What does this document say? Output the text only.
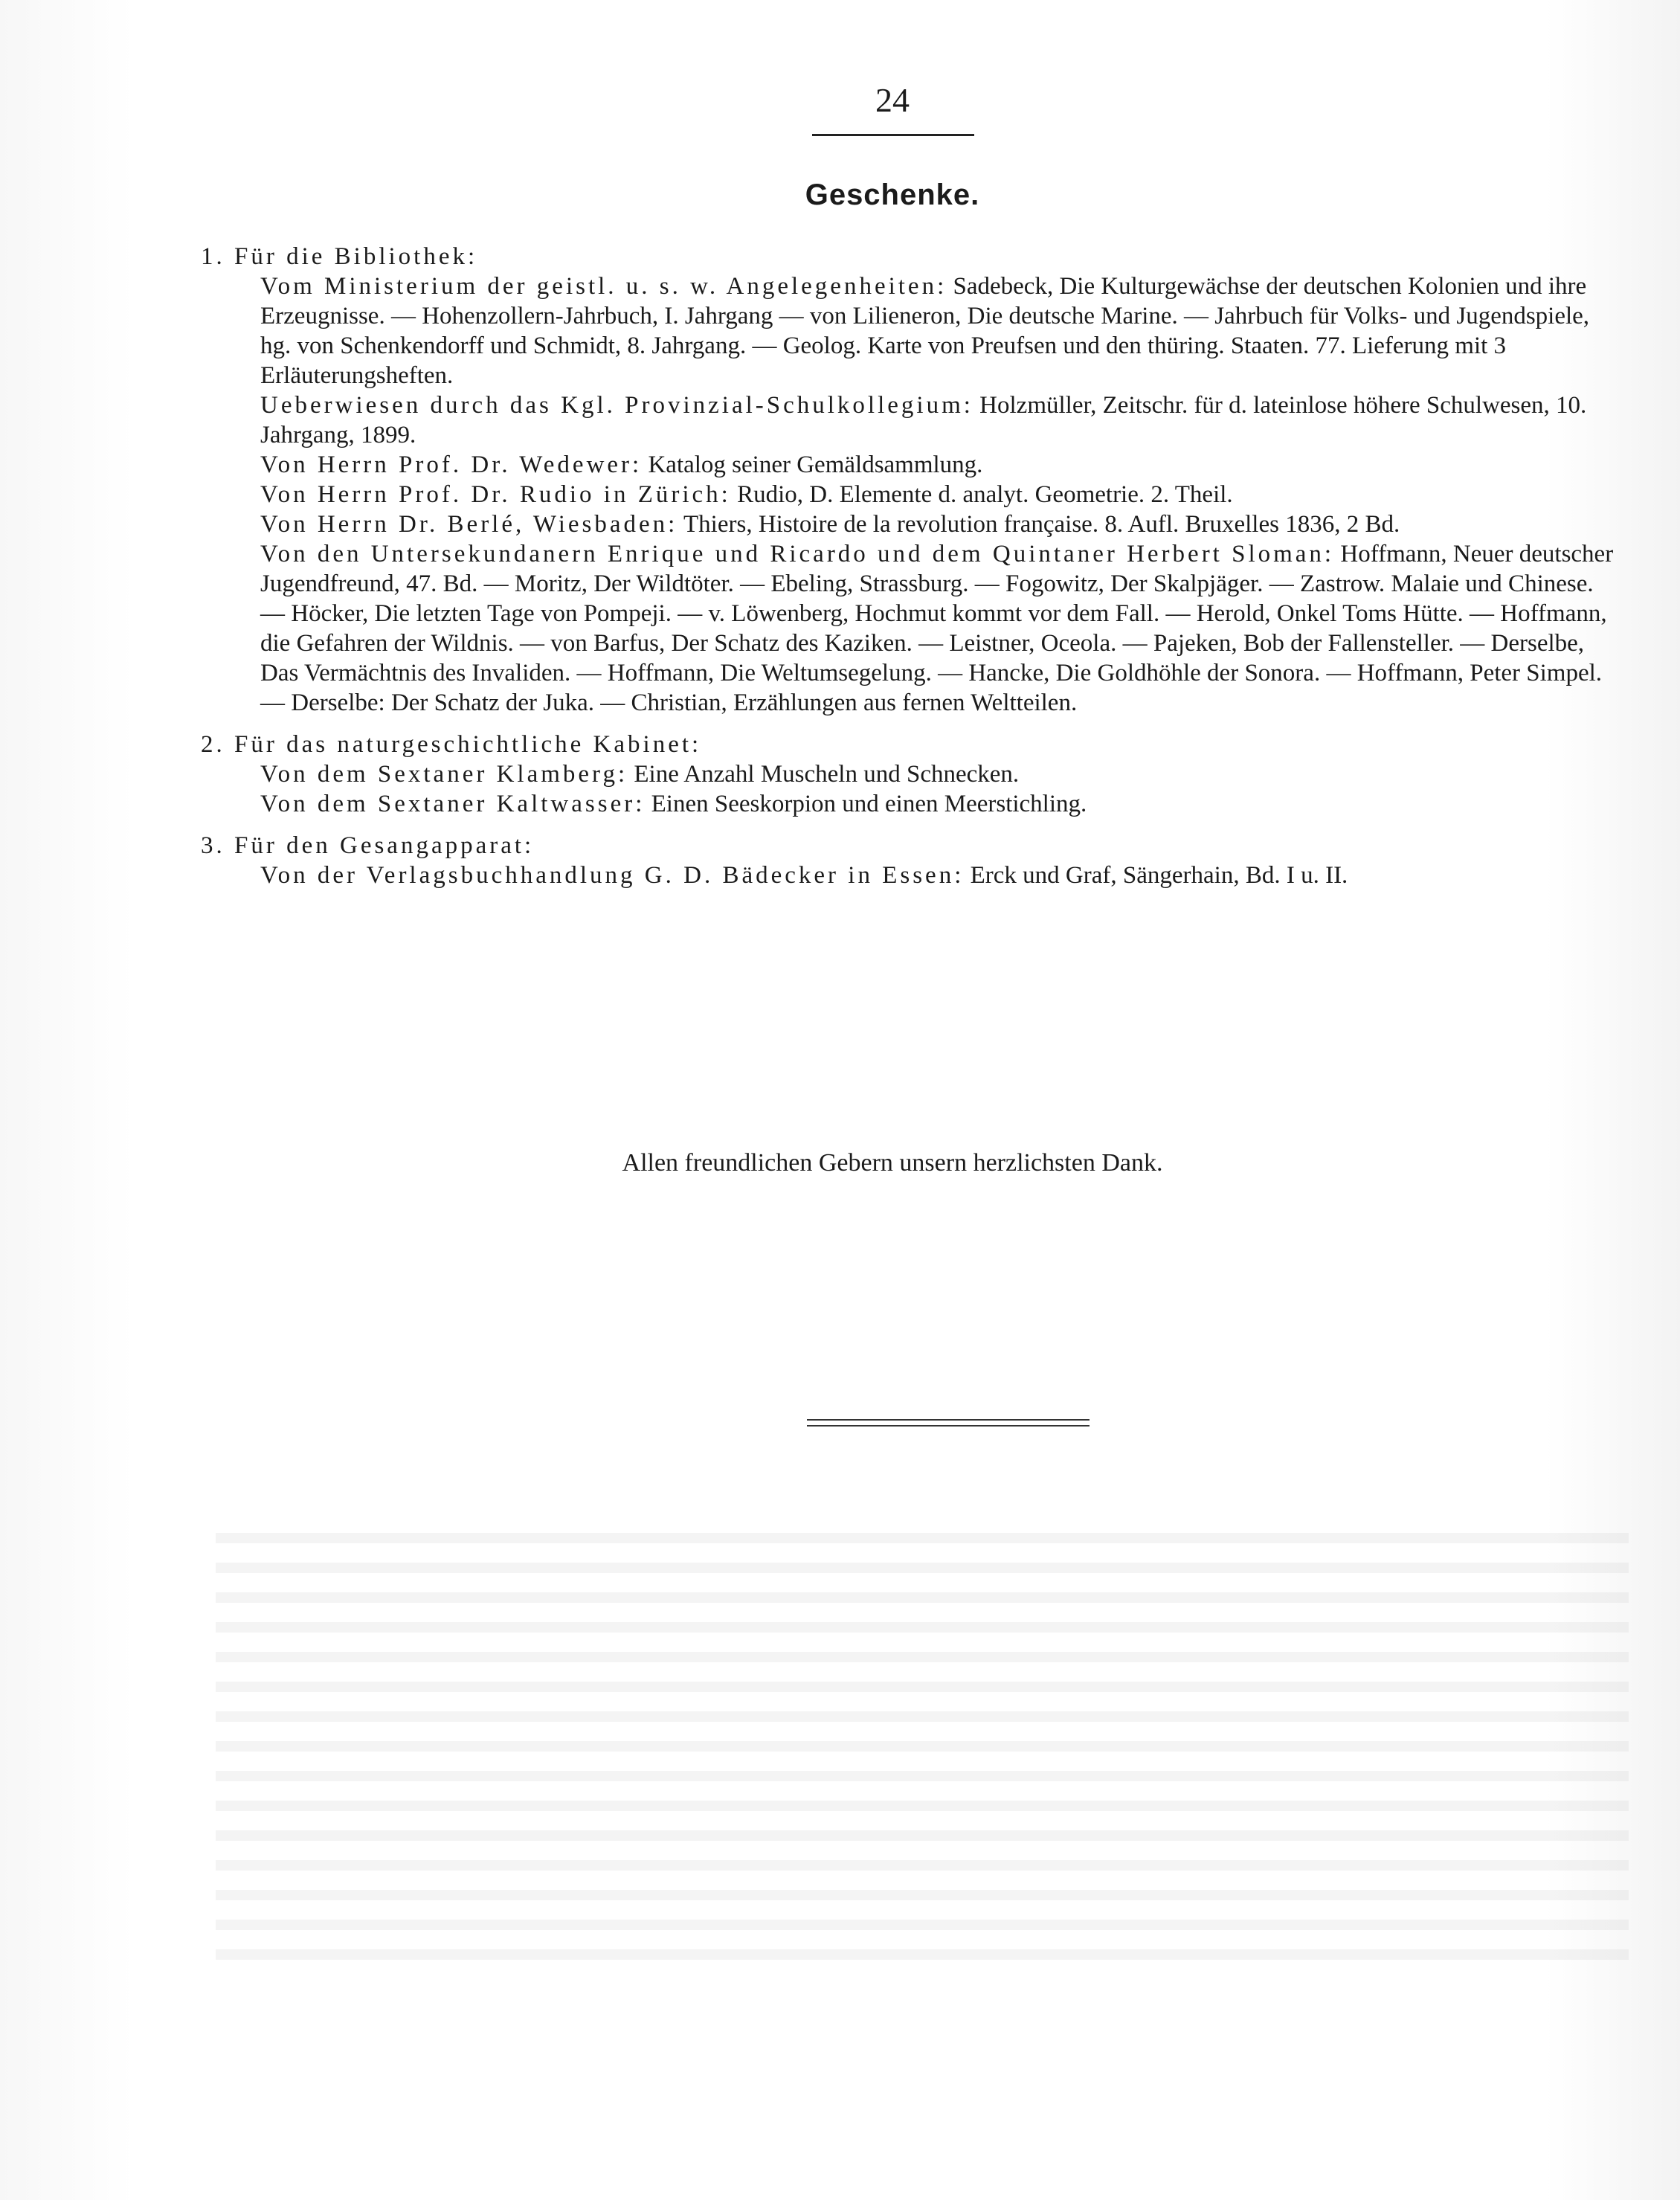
24
Geschenke.
1. Für die Bibliothek:
Vom Ministerium der geistl. u. s. w. Angelegenheiten: Sadebeck, Die Kulturgewächse der deutschen Kolonien und ihre Erzeugnisse. — Hohenzollern-Jahrbuch, I. Jahrgang — von Lilieneron, Die deutsche Marine. — Jahrbuch für Volks- und Jugendspiele, hg. von Schenkendorff und Schmidt, 8. Jahrgang. — Geolog. Karte von Preufsen und den thüring. Staaten. 77. Lieferung mit 3 Erläuterungsheften.
Ueberwiesen durch das Kgl. Provinzial-Schulkollegium: Holzmüller, Zeitschr. für d. lateinlose höhere Schulwesen, 10. Jahrgang, 1899.
Von Herrn Prof. Dr. Wedewer: Katalog seiner Gemäldsammlung.
Von Herrn Prof. Dr. Rudio in Zürich: Rudio, D. Elemente d. analyt. Geometrie. 2. Theil.
Von Herrn Dr. Berlé, Wiesbaden: Thiers, Histoire de la revolution française. 8. Aufl. Bruxelles 1836, 2 Bd.
Von den Untersekundanern Enrique und Ricardo und dem Quintaner Herbert Sloman: Hoffmann, Neuer deutscher Jugendfreund, 47. Bd. — Moritz, Der Wildtöter. — Ebeling, Strassburg. — Fogowitz, Der Skalpjäger. — Zastrow. Malaie und Chinese. — Höcker, Die letzten Tage von Pompeji. — v. Löwenberg, Hochmut kommt vor dem Fall. — Herold, Onkel Toms Hütte. — Hoffmann, die Gefahren der Wildnis. — von Barfus, Der Schatz des Kaziken. — Leistner, Oceola. — Pajeken, Bob der Fallensteller. — Derselbe, Das Vermächtnis des Invaliden. — Hoffmann, Die Weltumsegelung. — Hancke, Die Goldhöhle der Sonora. — Hoffmann, Peter Simpel. — Derselbe: Der Schatz der Juka. — Christian, Erzählungen aus fernen Weltteilen.
2. Für das naturgeschichtliche Kabinet:
Von dem Sextaner Klamberg: Eine Anzahl Muscheln und Schnecken.
Von dem Sextaner Kaltwasser: Einen Seeskorpion und einen Meerstichling.
3. Für den Gesangapparat:
Von der Verlagsbuchhandlung G. D. Bädecker in Essen: Erck und Graf, Sängerhain, Bd. I u. II.
Allen freundlichen Gebern unsern herzlichsten Dank.
